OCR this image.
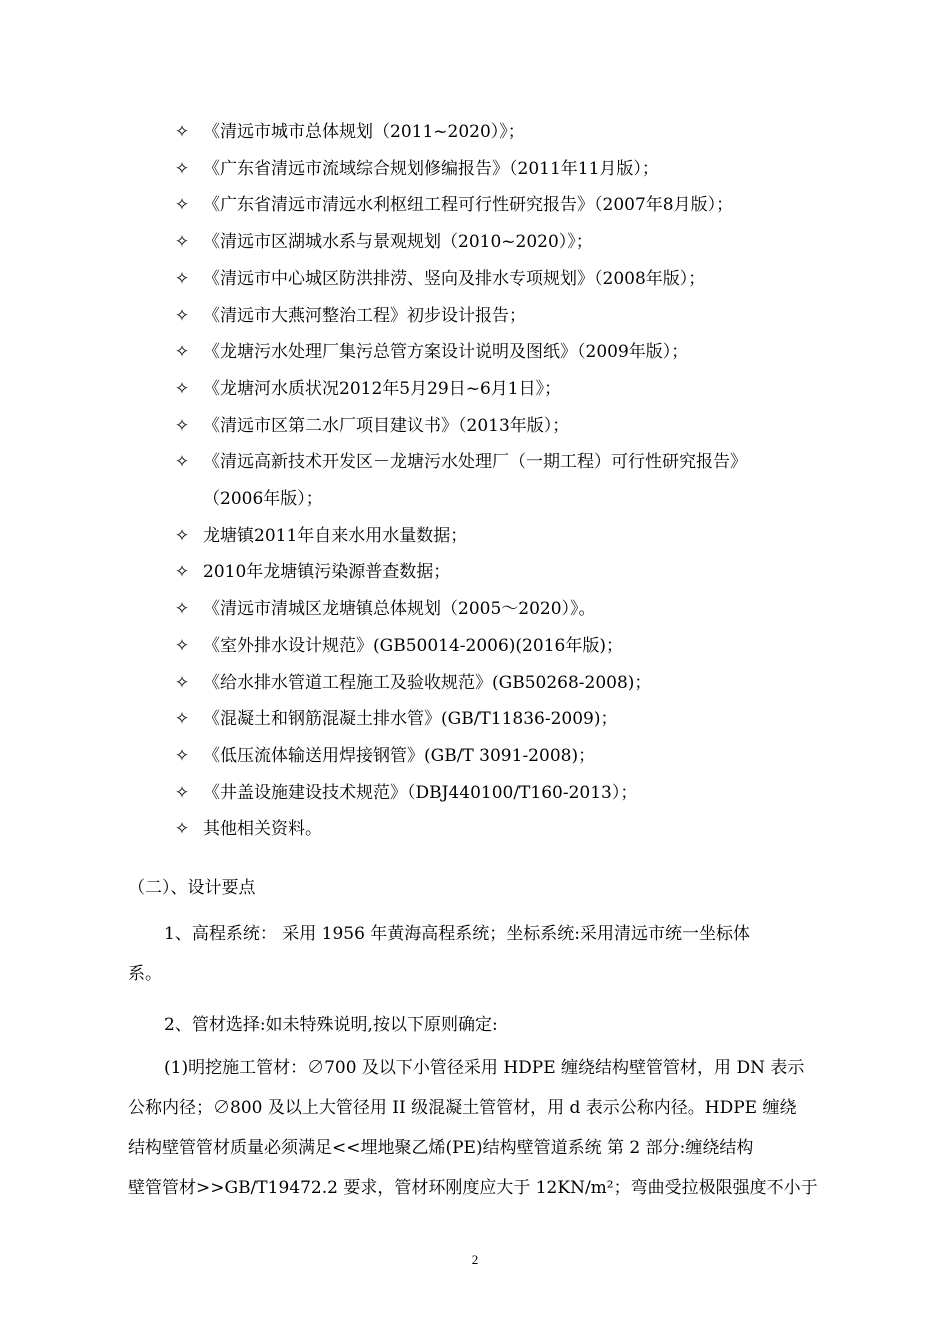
✧ 《清远市城市总体规划（2011~2020）》；
✧ 《广东省清远市流域综合规划修编报告》（2011年11月版）；
✧ 《广东省清远市清远水利枢纽工程可行性研究报告》（2007年8月版）；
✧ 《清远市区湖城水系与景观规划（2010~2020）》；
✧ 《清远市中心城区防洪排涝、竖向及排水专项规划》（2008年版）；
✧ 《清远市大燕河整治工程》初步设计报告；
✧ 《龙塘污水处理厂集污总管方案设计说明及图纸》（2009年版）；
✧ 《龙塘河水质状况2012年5月29日~6月1日》；
✧ 《清远市区第二水厂项目建议书》（2013年版）；
✧ 《清远高新技术开发区－龙塘污水处理厂（一期工程）可行性研究报告》
（2006年版）；
✧ 龙塘镇2011年自来水用水量数据；
✧ 2010年龙塘镇污染源普查数据；
✧ 《清远市清城区龙塘镇总体规划（2005～2020）》。
✧ 《室外排水设计规范》(GB50014-2006)(2016年版)；
✧ 《给水排水管道工程施工及验收规范》(GB50268-2008)；
✧ 《混凝土和钢筋混凝土排水管》(GB/T11836-2009)；
✧ 《低压流体输送用焊接钢管》(GB/T 3091-2008)；
✧ 《井盖设施建设技术规范》（DBJ440100/T160-2013）；
✧ 其他相关资料。
（二）、设计要点
1、高程系统： 采用 1956 年黄海高程系统；坐标系统:采用清远市统一坐标体
系。
2、管材选择:如未特殊说明,按以下原则确定:
(1)明挖施工管材：∅700 及以下小管径采用 HDPE 缠绕结构壁管管材，用 DN 表示
公称内径；∅800 及以上大管径用 II 级混凝土管管材，用 d 表示公称内径。HDPE 缠绕
结构壁管管材质量必须满足<<埋地聚乙烯(PE)结构壁管道系统 第 2 部分:缠绕结构
壁管管材>>GB/T19472.2 要求，管材环刚度应大于 12KN/m²；弯曲受拉极限强度不小于
2
